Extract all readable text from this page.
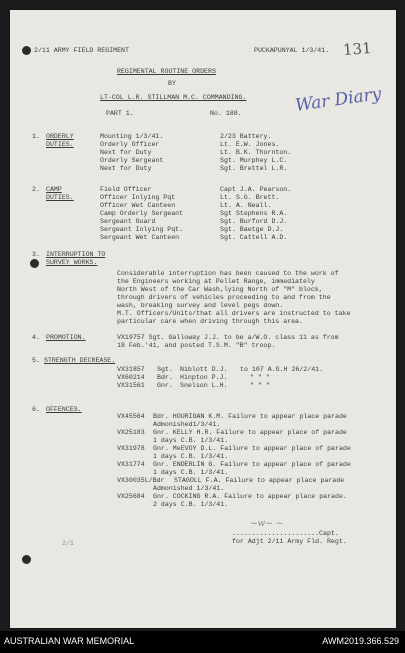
2/11 ARMY FIELD REGIMENT	PUCKAPUNYAL 1/3/41. 131
REGIMENTAL ROUTINE ORDERS
BY
LT-COL L.R. STILLMAN M.C. COMMANDING.
PART 1.	No. 188.	War Diary
1. ORDERLY
DUTIES.
Mounting 1/3/41.	2/23 Battery.
Orderly Officer	Lt. E.W. Jones.
Next for Duty	Lt. B.K. Thornton.
Orderly Sergeant	Sgt. Murphey L.C.
Next for Duty	Sgt. Brettel L.R.
2. CAMP
DUTIES.
Field Officer	Capt J.A. Pearson.
Officer Inlying Pqt	Lt. S.G. Brett.
Officer Wet Canteen	Lt. A. Neall.
Camp Orderly Sergeant	Sgt Stephens R.A.
Sergeant Guard	Sgt. Burford D.J.
Sergeant Inlying Pqt.	Sgt. Baetge D.J.
Sergeant Wet Canteen	Sgt. Cattell A.D.
3. INTERRUPTION TO
SURVEY WORKS.
Considerable interruption has been caused to the work of
the Engineers working at Pellet Range, immediately
North West of the Car Wash,lying North of "M" block,
through drivers of vehicles proceeding to and from the
wash, breaking survey and level pegs down.
M.T. Officers/Units/that all drivers are instructed to take
particular care when driving through this area.
4. PROMOTION.	VX19757 Sgt. Galloway J.J. to be a/W.O. class 11 as from
18 Feb.'41, and posted T.S.M. "B" troop.
5. STRENGTH DECREASE.
VX31857 Sgt. Niblott D.J. to 107 A.G.H 26/2/41.
VX60214 Bdr. Hinpton P.J.	" " "
VX31561 Gnr. Snelson L.H.	" " "
6. OFFENCES.
VX45564 Bdr. HOURIGAN K.M. Failure to appear place parade
Admonished1/3/41.
VX25183 Gnr. KELLY H.R. Failure to appear place of parade
1 days C.B. 1/3/41.
VX31978 Gnr. MeEVOY D.L. Failure to appear place of parade
1 days C.B. 1/3/41.
VX31774 Gnr. ENDERLIN G. Failure to appear place of parade
1 days C.B. 1/3/41.
VX30035L/Bdr STAGOLL F.A. Failure to appear place parade
Admonished 1/3/41.
VX25684 Gnr. COCKING R.A. Failure to appear place parade.
2 days C.B. 1/3/41.
~w~ ~
......................Capt.
for Adjt 2/11 Army Fld. Regt.
2/1
AUSTRALIAN WAR MEMORIAL	AWM2019.366.529
